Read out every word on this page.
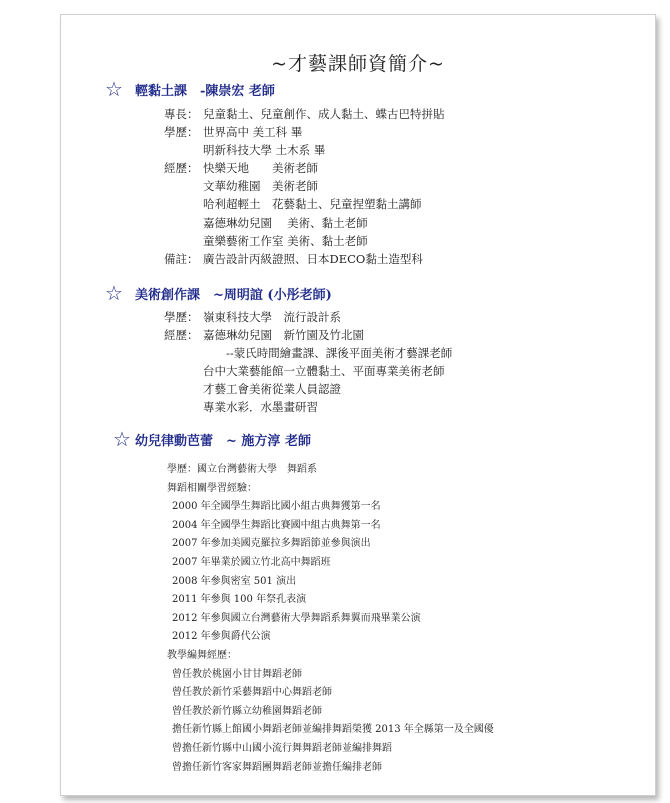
~才藝課師資簡介~
☆ 輕黏土課　-陳崇宏 老師
專長： 兒童黏土、兒童創作、成人黏土、蝶古巴特拼貼
學歷： 世界高中 美工科 畢
明新科技大學 土木系 畢
經歷： 快樂天地　　美術老師
文華幼稚園　美術老師
哈利超輕土　花藝黏土、兒童捏塑黏土講師
嘉德琳幼兒園　 美術、黏土老師
童樂藝術工作室 美術、黏土老師
備註： 廣告設計丙級證照、日本DECO黏土造型科
☆ 美術創作課　~周明誼 (小彤老師)
學歷： 嶺東科技大學　流行設計系
經歷： 嘉德琳幼兒園　新竹園及竹北園
　　--蒙氏時間繪畫課、課後平面美術才藝課老師
台中大業藝能館一立體黏土、平面專業美術老師
才藝工會美術從業人員認證
專業水彩．水墨畫研習
☆ 幼兒律動芭蕾　~ 施方淳 老師
學歷：國立台灣藝術大學　舞蹈系
舞蹈相關學習經驗：
2000 年全國學生舞蹈比國小組古典舞獲第一名
2004 年全國學生舞蹈比賽國中組古典舞第一名
2007 年參加美國克羅拉多舞蹈節並參與演出
2007 年畢業於國立竹北高中舞蹈班
2008 年參與密室 501 演出
2011 年參與 100 年祭孔表演
2012 年參與國立台灣藝術大學舞蹈系舞翼而飛畢業公演
2012 年參與爵代公演
教學編舞經歷：
曾任教於桃園小甘甘舞蹈老師
曾任教於新竹采藝舞蹈中心舞蹈老師
曾任教於新竹縣立幼稚園舞蹈老師
擔任新竹縣上館國小舞蹈老師並編排舞蹈榮獲 2013 年全縣第一及全國優
曾擔任新竹縣中山國小流行舞舞蹈老師並編排舞蹈
曾擔任新竹客家舞蹈團舞蹈老師並擔任編排老師
